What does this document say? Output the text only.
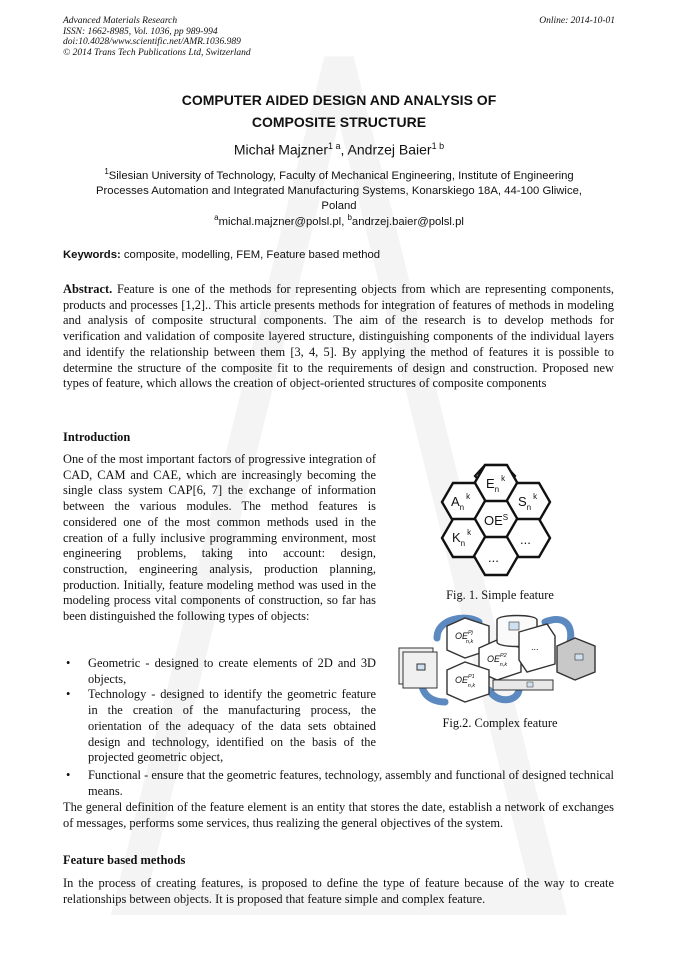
Advanced Materials Research
ISSN: 1662-8985, Vol. 1036, pp 989-994
doi:10.4028/www.scientific.net/AMR.1036.989
© 2014 Trans Tech Publications Ltd, Switzerland
Online: 2014-10-01
COMPUTER AIDED DESIGN AND ANALYSIS OF
COMPOSITE STRUCTURE
Michał Majzner$^{1 a}$, Andrzej Baier$^{1 b}$
$^1$Silesian University of Technology, Faculty of Mechanical Engineering, Institute of Engineering
Processes Automation and Integrated Manufacturing Systems, Konarskiego 18A, 44-100 Gliwice,
Poland
$^a$michal.majzner@polsl.pl, $^b$andrzej.baier@polsl.pl
Keywords: composite, modelling, FEM, Feature based method
Abstract. Feature is one of the methods for representing objects from which are representing components, products and processes [1,2].. This article presents methods for integration of features of methods in modeling and analysis of composite structural components. The aim of the research is to develop methods for verification and validation of composite layered structure, distinguishing components of the individual layers and identify the relationship between them [3, 4, 5]. By applying the method of features it is possible to determine the structure of the composite fit to the requirements of design and construction. Proposed new types of feature, which allows the creation of object-oriented structures of composite components
Introduction
One of the most important factors of progressive integration of CAD, CAM and CAE, which are increasingly becoming the single class system CAP[6, 7] the exchange of information between the various modules. The method features is considered one of the most common methods used in the creation of a fully inclusive programming environment, most engineering problems, taking into account: design, construction, engineering analysis, production planning, production. Initially, feature modeling method was used in the modeling process vital components of construction, so far has been distinguished the following types of objects:
• Geometric - designed to create elements of 2D and 3D objects,
• Technology - designed to identify the geometric feature in the creation of the manufacturing process, the orientation of the adequacy of the data sets obtained design and technology, identified on the basis of the projected geometric object,
• Functional - ensure that the geometric features, technology, assembly and functional of designed technical means.
The general definition of the feature element is an entity that stores the date, establish a network of exchanges of messages, performs some services, thus realizing the general objectives of the system.
$E_n^k$
$A_n^k$	$S_n^k$
$OE^S$
$K_n^k$	...
...
Fig. 1. Simple feature
$OE^{Pj}$ n,k
$OE^{P2}$ n,k
$OE^{P1}$ n,k
...
Fig.2. Complex feature
Feature based methods
In the process of creating features, is proposed to define the type of feature because of the way to create relationships between objects. It is proposed that feature simple and complex feature.
